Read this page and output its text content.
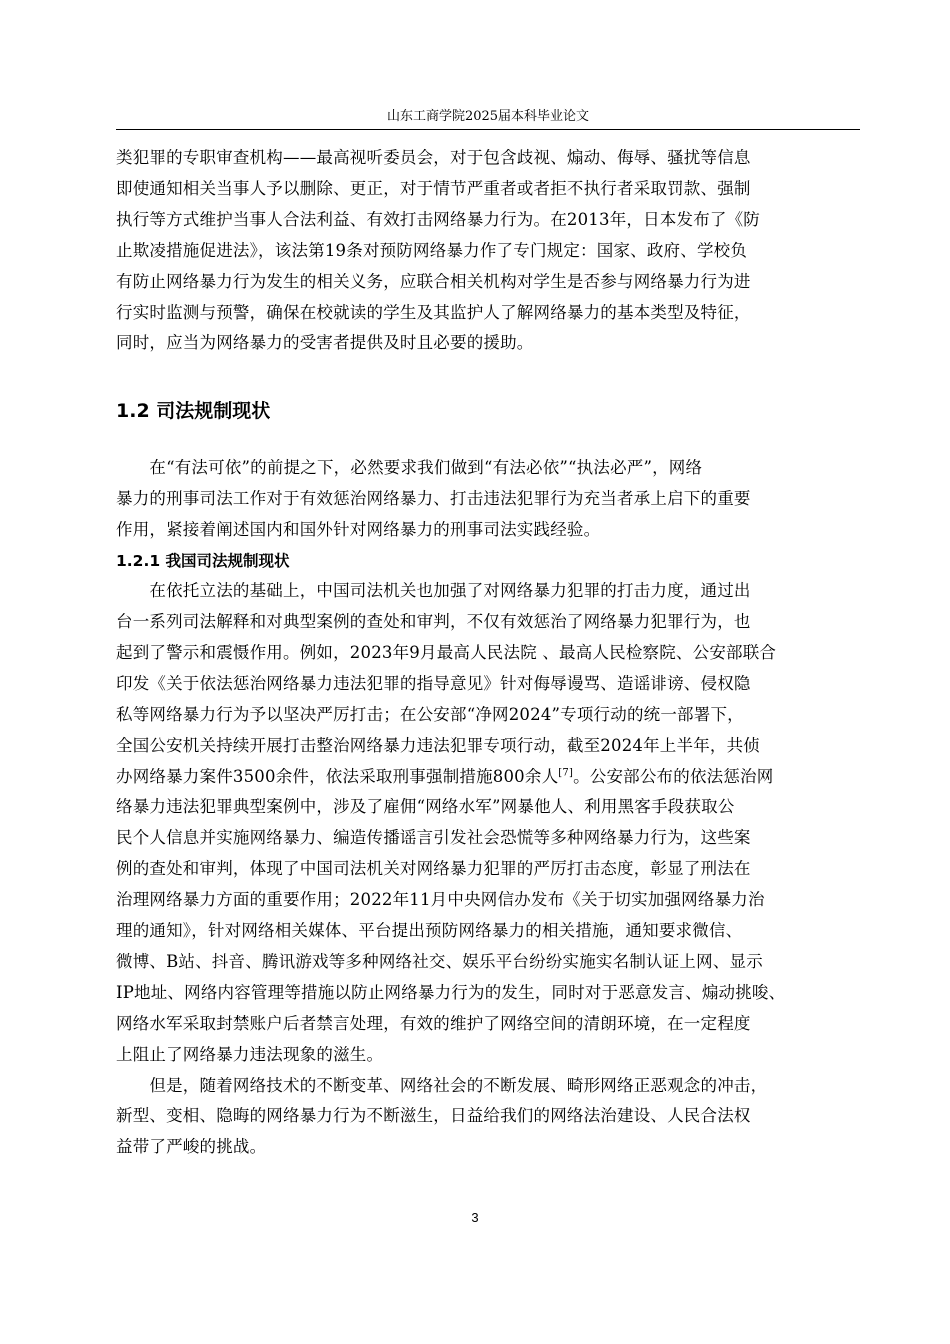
山东工商学院2025届本科毕业论文

类犯罪的专职审查机构——最高视听委员会，对于包含歧视、煽动、侮辱、骚扰等信息
即使通知相关当事人予以删除、更正，对于情节严重者或者拒不执行者采取罚款、强制
执行等方式维护当事人合法利益、有效打击网络暴力行为。在2013年，日本发布了《防
止欺凌措施促进法》，该法第19条对预防网络暴力作了专门规定：国家、政府、学校负
有防止网络暴力行为发生的相关义务，应联合相关机构对学生是否参与网络暴力行为进
行实时监测与预警，确保在校就读的学生及其监护人了解网络暴力的基本类型及特征，
同时，应当为网络暴力的受害者提供及时且必要的援助。

1.2 司法规制现状

　　在“有法可依”的前提之下，必然要求我们做到“有法必依”“执法必严”，网络
暴力的刑事司法工作对于有效惩治网络暴力、打击违法犯罪行为充当者承上启下的重要
作用，紧接着阐述国内和国外针对网络暴力的刑事司法实践经验。

1.2.1 我国司法规制现状

　　在依托立法的基础上，中国司法机关也加强了对网络暴力犯罪的打击力度，通过出
台一系列司法解释和对典型案例的查处和审判，不仅有效惩治了网络暴力犯罪行为，也
起到了警示和震慑作用。例如，2023年9月最高人民法院 、最高人民检察院、公安部联合
印发《关于依法惩治网络暴力违法犯罪的指导意见》针对侮辱谩骂、造谣诽谤、侵权隐
私等网络暴力行为予以坚决严厉打击；在公安部“净网2024”专项行动的统一部署下，
全国公安机关持续开展打击整治网络暴力违法犯罪专项行动，截至2024年上半年，共侦
办网络暴力案件3500余件，依法采取刑事强制措施800余人[7]。公安部公布的依法惩治网
络暴力违法犯罪典型案例中，涉及了雇佣“网络水军”网暴他人、利用黑客手段获取公
民个人信息并实施网络暴力、编造传播谣言引发社会恐慌等多种网络暴力行为，这些案
例的查处和审判，体现了中国司法机关对网络暴力犯罪的严厉打击态度，彰显了刑法在
治理网络暴力方面的重要作用；2022年11月中央网信办发布《关于切实加强网络暴力治
理的通知》，针对网络相关媒体、平台提出预防网络暴力的相关措施，通知要求微信、
微博、B站、抖音、腾讯游戏等多种网络社交、娱乐平台纷纷实施实名制认证上网、显示
IP地址、网络内容管理等措施以防止网络暴力行为的发生，同时对于恶意发言、煽动挑唆、
网络水军采取封禁账户后者禁言处理，有效的维护了网络空间的清朗环境，在一定程度
上阻止了网络暴力违法现象的滋生。

　　但是，随着网络技术的不断变革、网络社会的不断发展、畸形网络正恶观念的冲击，
新型、变相、隐晦的网络暴力行为不断滋生，日益给我们的网络法治建设、人民合法权
益带了严峻的挑战。

3
